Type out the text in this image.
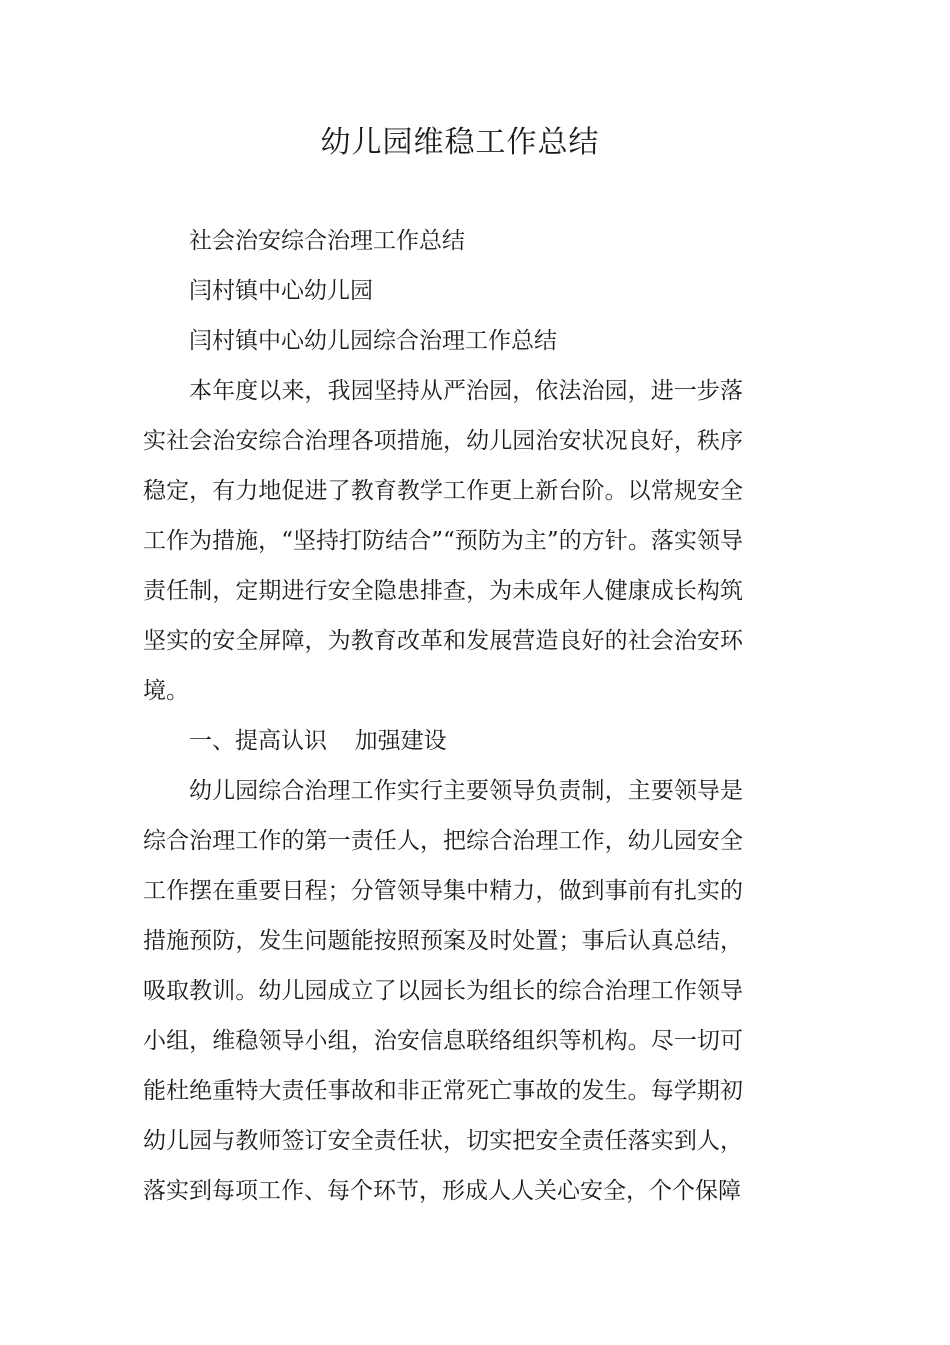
幼儿园维稳工作总结

社会治安综合治理工作总结

闫村镇中心幼儿园

闫村镇中心幼儿园综合治理工作总结

本年度以来，我园坚持从严治园，依法治园，进一步落实社会治安综合治理各项措施，幼儿园治安状况良好，秩序稳定，有力地促进了教育教学工作更上新台阶。以常规安全工作为措施，“坚持打防结合”“预防为主”的方针。落实领导责任制，定期进行安全隐患排查，为未成年人健康成长构筑坚实的安全屏障，为教育改革和发展营造良好的社会治安环境。

一、提高认识 加强建设

幼儿园综合治理工作实行主要领导负责制，主要领导是综合治理工作的第一责任人，把综合治理工作，幼儿园安全工作摆在重要日程；分管领导集中精力，做到事前有扎实的措施预防，发生问题能按照预案及时处置；事后认真总结，吸取教训。幼儿园成立了以园长为组长的综合治理工作领导小组，维稳领导小组，治安信息联络组织等机构。尽一切可能杜绝重特大责任事故和非正常死亡事故的发生。每学期初幼儿园与教师签订安全责任状，切实把安全责任落实到人，落实到每项工作、每个环节，形成人人关心安全，个个保障
